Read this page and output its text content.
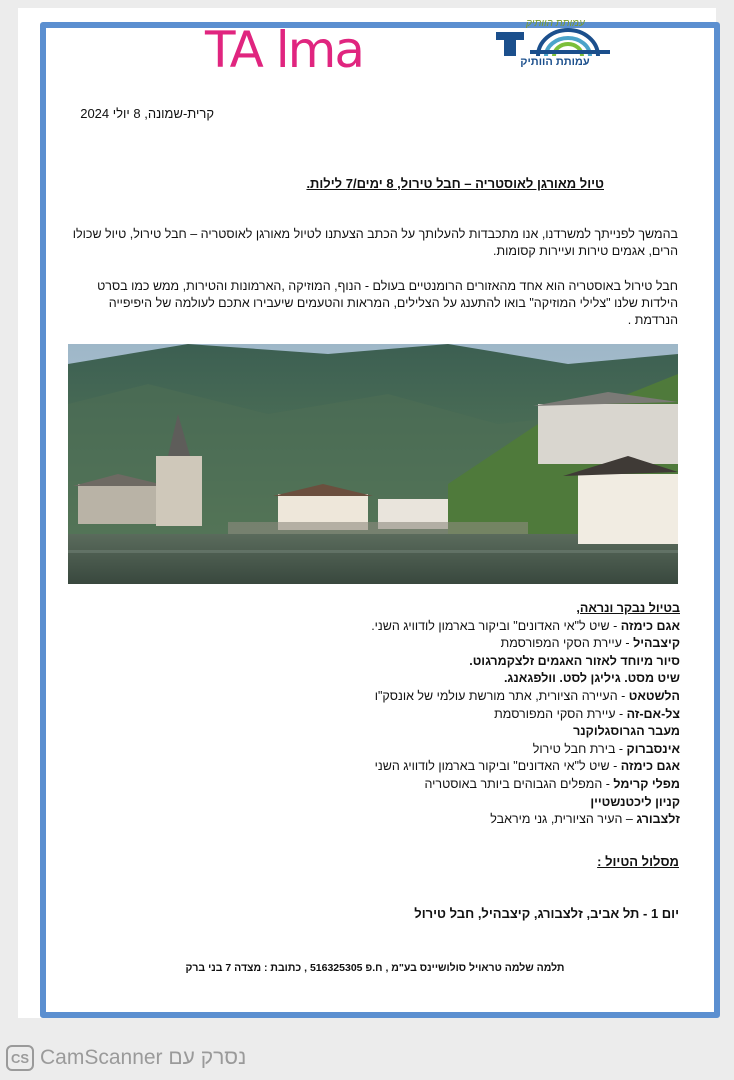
TA lma	עמותת הוותיק
עמותת הוותיק
קרית-שמונה, 8 יולי 2024
טיול מאורגן לאוסטריה – חבל טירול, 8 ימים/7 לילות.
בהמשך לפנייתך למשרדנו, אנו מתכבדות להעלותך על הכתב הצעתנו לטיול מאורגן לאוסטריה – חבל טירול, טיול שכולו הרים, אגמים טירות ועיירות קסומות.
חבל טירול באוסטריה הוא אחד מהאזורים הרומנטיים בעולם - הנוף, המוזיקה ,הארמונות והטירות, ממש כמו בסרט הילדות שלנו "צלילי המוזיקה" בואו להתענג על הצלילים, המראות והטעמים שיעבירו אתכם לעולמה של היפיפייה הנרדמת .
בטיול נבקר ונראה,
אגם כימזה - שיט ל"אי האדונים" וביקור בארמון לודוויג השני.
קיצבהיל - עיירת הסקי המפורסמת
סיור מיוחד לאזור האגמים זלצקמרגוט.
שיט מסט. גיליגן לסט. וולפגאנג.
הלשטאט - העיירה הציורית, אתר מורשת עולמי של אונסק"ו
צל-אם-זה - עיירת הסקי המפורסמת
מעבר הגרוסגלוקנר
אינסברוק - בירת חבל טירול
אגם כימזה - שיט ל"אי האדונים" וביקור בארמון לודוויג השני
מפלי קרימל - המפלים הגבוהים ביותר באוסטריה
קניון ליכטנשטיין
זלצבורג – העיר הציורית, גני מיראבל
מסלול הטיול :
יום 1 - תל אביב, זלצבורג, קיצבהיל, חבל טירול
תלמה שלמה טראויל סולושיינס בע"מ , ח.פ 516325305 , כתובת : מצדה 7 בני ברק
CS נסרק עם CamScanner
